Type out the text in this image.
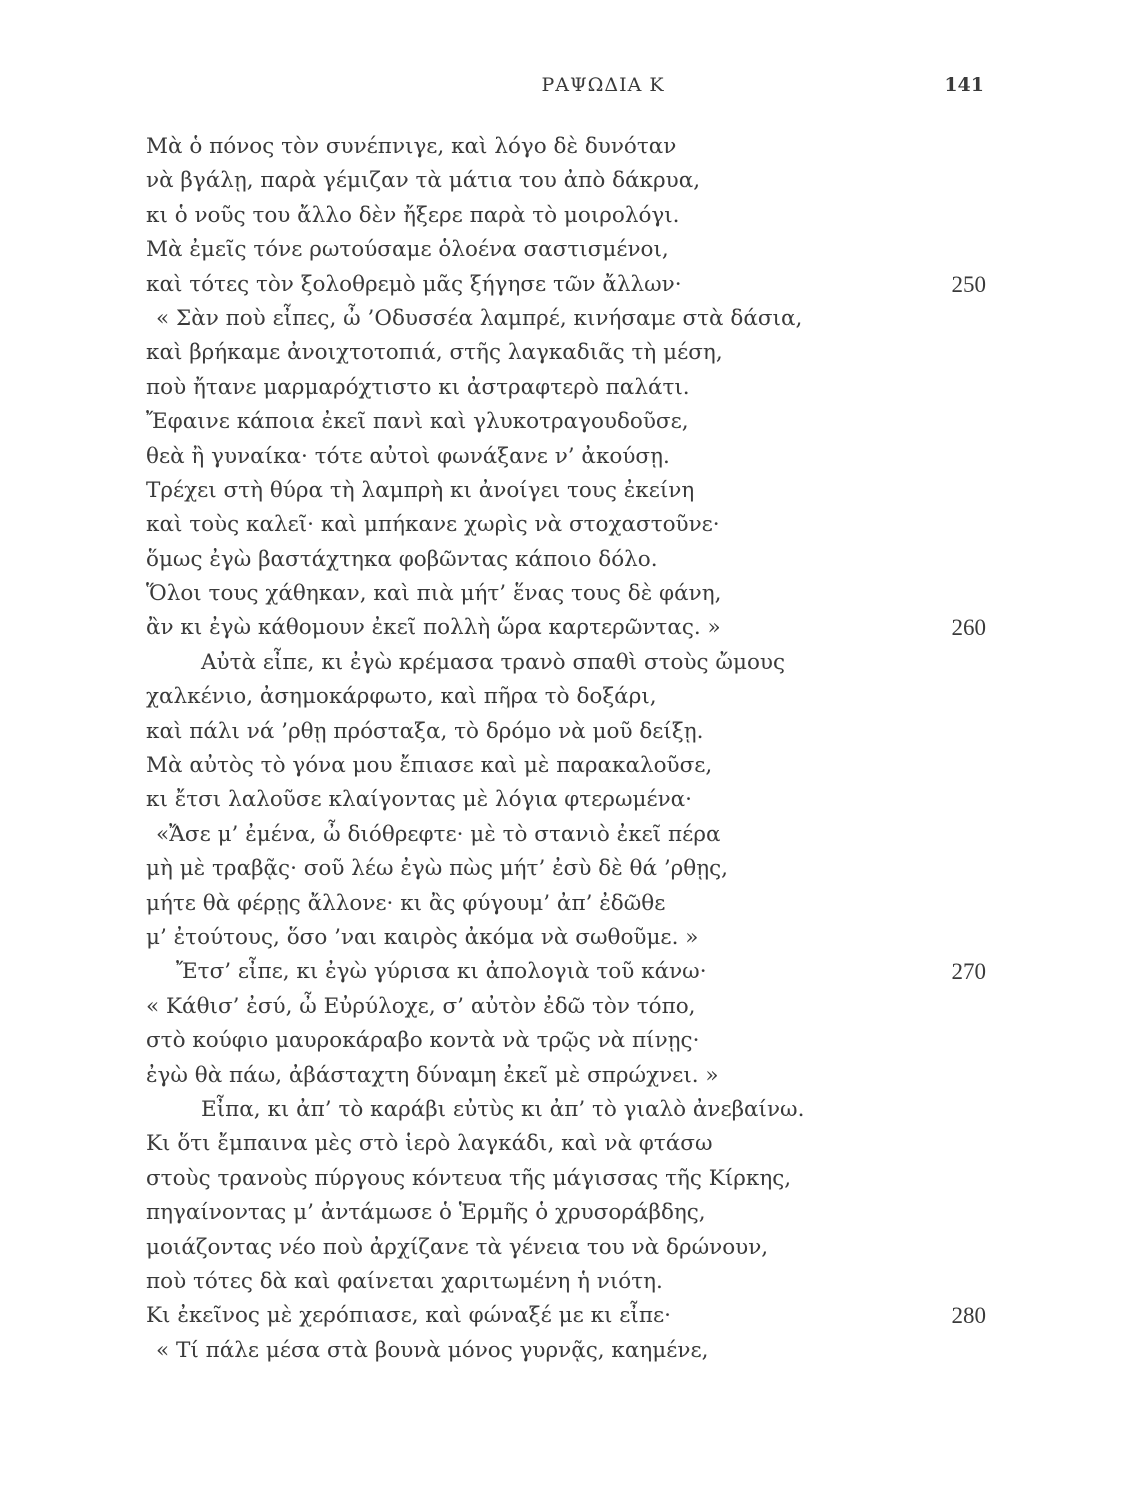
ΡΑΨΩΔΙΑ Κ	141
Μὰ ὁ πόνος τὸν συνέπνιγε, καὶ λόγο δὲ δυνόταν
νὰ βγάλῃ, παρὰ γέμιζαν τὰ μάτια του ἀπὸ δάκρυα,
κι ὁ νοῦς του ἄλλο δὲν ἤξερε παρὰ τὸ μοιρολόγι.
Μὰ ἐμεῖς τόνε ρωτούσαμε ὁλοένα σαστισμένοι,
καὶ τότες τὸν ξολοθρεμὸ μᾶς ξήγησε τῶν ἄλλων·	250
« Σὰν ποὺ εἶπες, ὦ ’Οδυσσέα λαμπρέ, κινήσαμε στὰ δάσια,
καὶ βρήκαμε ἀνοιχτοτοπιά, στῆς λαγκαδιᾶς τὴ μέση,
ποὺ ἤτανε μαρμαρόχτιστο κι ἀστραφτερὸ παλάτι.
Ἔφαινε κάποια ἐκεῖ πανὶ καὶ γλυκοτραγουδοῦσε,
θεὰ ἢ γυναίκα· τότε αὐτοὶ φωνάξανε ν’ ἀκούσῃ.
Τρέχει στὴ θύρα τὴ λαμπρὴ κι ἀνοίγει τους ἐκείνη
καὶ τοὺς καλεῖ· καὶ μπήκανε χωρὶς νὰ στοχαστοῦνε·
ὅμως ἐγὼ βαστάχτηκα φοβῶντας κάποιο δόλο.
Ὅλοι τους χάθηκαν, καὶ πιὰ μήτ’ ἕνας τους δὲ φάνη,
ἂν κι ἐγὼ κάθομουν ἐκεῖ πολλὴ ὥρα καρτερῶντας. »	260
Αὐτὰ εἶπε, κι ἐγὼ κρέμασα τρανὸ σπαθὶ στοὺς ὤμους
χαλκένιο, ἀσημοκάρφωτο, καὶ πῆρα τὸ δοξάρι,
καὶ πάλι νά ’ρθῃ πρόσταξα, τὸ δρόμο νὰ μοῦ δείξῃ.
Μὰ αὐτὸς τὸ γόνα μου ἔπιασε καὶ μὲ παρακαλοῦσε,
κι ἔτσι λαλοῦσε κλαίγοντας μὲ λόγια φτερωμένα·
«Ἄσε μ’ ἐμένα, ὦ διόθρεφτε· μὲ τὸ στανιὸ ἐκεῖ πέρα
μὴ μὲ τραβᾷς· σοῦ λέω ἐγὼ πὼς μήτ’ ἐσὺ δὲ θά ’ρθῃς,
μήτε θὰ φέρῃς ἄλλονε· κι ἂς φύγουμ’ ἀπ’ ἐδῶθε
μ’ ἐτούτους, ὅσο ’ναι καιρὸς ἀκόμα νὰ σωθοῦμε. »
Ἔτσ’ εἶπε, κι ἐγὼ γύρισα κι ἀπολογιὰ τοῦ κάνω·	270
« Κάθισ’ ἐσύ, ὦ Εὐρύλοχε, σ’ αὐτὸν ἐδῶ τὸν τόπο,
στὸ κούφιο μαυροκάραβο κοντὰ νὰ τρῷς νὰ πίνῃς·
ἐγὼ θὰ πάω, ἀβάσταχτη δύναμη ἐκεῖ μὲ σπρώχνει. »
Εἶπα, κι ἀπ’ τὸ καράβι εὐτὺς κι ἀπ’ τὸ γιαλὸ ἀνεβαίνω.
Κι ὅτι ἔμπαινα μὲς στὸ ἱερὸ λαγκάδι, καὶ νὰ φτάσω
στοὺς τρανοὺς πύργους κόντευα τῆς μάγισσας τῆς Κίρκης,
πηγαίνοντας μ’ ἀντάμωσε ὁ Ἑρμῆς ὁ χρυσοράβδης,
μοιάζοντας νέο ποὺ ἀρχίζανε τὰ γένεια του νὰ δρώνουν,
ποὺ τότες δὰ καὶ φαίνεται χαριτωμένη ἡ νιότη.
Κι ἐκεῖνος μὲ χερόπιασε, καὶ φώναξέ με κι εἶπε·	280
« Τί πάλε μέσα στὰ βουνὰ μόνος γυρνᾷς, καημένε,
